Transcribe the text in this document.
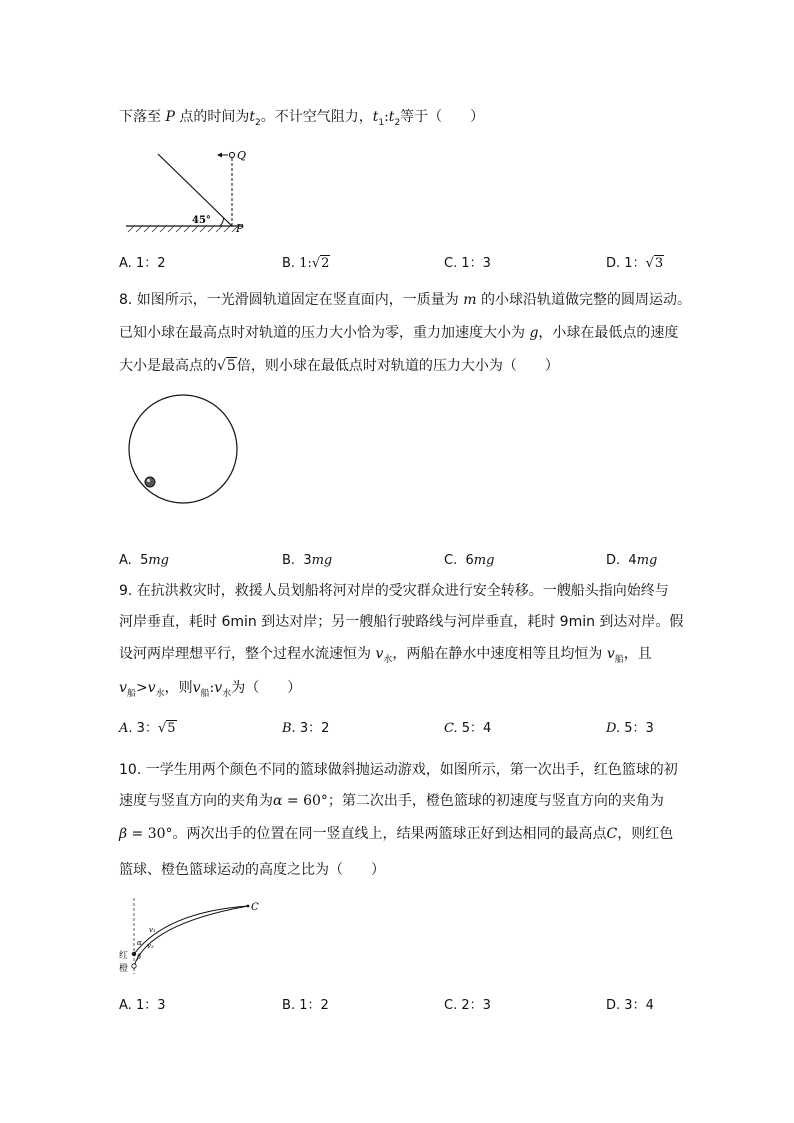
下落至 P 点的时间为$t_2$。不计空气阻力，$t_1:t_2$等于（　　）
45°
Q
P
A. 1：2	B. 1:√2	C. 1：3	D. 1：√3
8. 如图所示，一光滑圆轨道固定在竖直面内，一质量为 m 的小球沿轨道做完整的圆周运动。
已知小球在最高点时对轨道的压力大小恰为零，重力加速度大小为 g，小球在最低点的速度
大小是最高点的√5倍，则小球在最低点时对轨道的压力大小为（　　）
A. 5mg	B. 3mg	C. 6mg	D. 4mg
9. 在抗洪救灾时，救援人员划船将河对岸的受灾群众进行安全转移。一艘船头指向始终与
河岸垂直，耗时 6min 到达对岸；另一艘船行驶路线与河岸垂直，耗时 9min 到达对岸。假
设河两岸理想平行，整个过程水流速恒为 $v_水$，两船在静水中速度相等且均恒为 $v_船$，且
$v_船>v_水$，则$v_船:v_水$为（　　）
A. 3：√5	B. 3：2	C. 5：4	D. 5：3
10. 一学生用两个颜色不同的篮球做斜抛运动游戏，如图所示，第一次出手，红色篮球的初
速度与竖直方向的夹角为α = 60°；第二次出手，橙色篮球的初速度与竖直方向的夹角为
β = 30°。两次出手的位置在同一竖直线上，结果两篮球正好到达相同的最高点C，则红色
篮球、橙色篮球运动的高度之比为（　　）
C
红
橙
v₁
v₂
α
β
A. 1：3	B. 1：2	C. 2：3	D. 3：4
